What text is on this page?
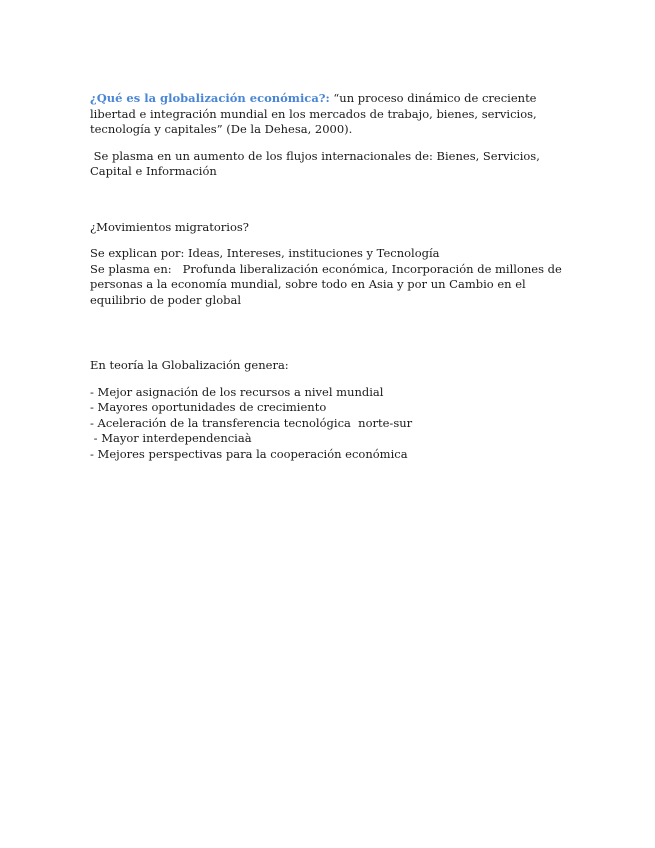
¿Qué es la globalización económica?: “un proceso dinámico de creciente libertad e integración mundial en los mercados de trabajo, bienes, servicios, tecnología y capitales” (De la Dehesa, 2000).

Se plasma en un aumento de los flujos internacionales de: Bienes, Servicios, Capital e Información

¿Movimientos migratorios?

Se explican por: Ideas, Intereses, instituciones y Tecnología

Se plasma en:   Profunda liberalización económica, Incorporación de millones de personas a la economía mundial, sobre todo en Asia y por un Cambio en el equilibrio de poder global

En teoría la Globalización genera:

- Mejor asignación de los recursos a nivel mundial
- Mayores oportunidades de crecimiento
- Aceleración de la transferencia tecnológica  norte-sur
- Mayor interdependenciaà
- Mejores perspectivas para la cooperación económica
